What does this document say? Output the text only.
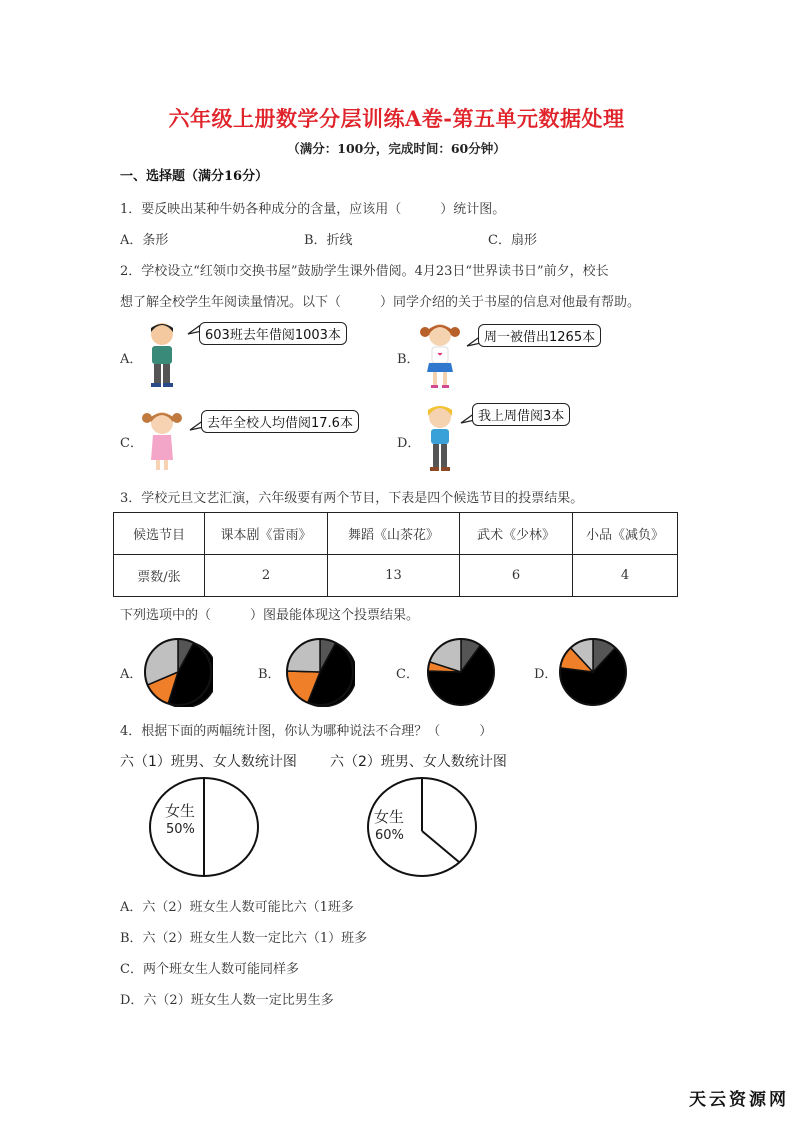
六年级上册数学分层训练A卷-第五单元数据处理
（满分：100分，完成时间：60分钟）
一、选择题（满分16分）
1．要反映出某种牛奶各种成分的含量，应该用（　　　）统计图。
A．条形	B．折线	C．扇形
2．学校设立“红领巾交换书屋”鼓励学生课外借阅。4月23日“世界读书日”前夕，校长
想了解全校学生年阅读量情况。以下（　　　）同学介绍的关于书屋的信息对他最有帮助。
A．
603班去年借阅1003本
B．
周一被借出1265本
C．
去年全校人均借阅17.6本
D．
我上周借阅3本
3．学校元旦文艺汇演，六年级要有两个节目，下表是四个候选节目的投票结果。
候选节目	课本剧《雷雨》	舞蹈《山茶花》	武术《少林》	小品《减负》
票数/张	2	13	6	4
下列选项中的（　　　）图最能体现这个投票结果。
A．	B．	C．	D．
4．根据下面的两幅统计图，你认为哪种说法不合理？（　　　）
六（1）班男、女人数统计图 六（2）班男、女人数统计图
女生
50%
女生
60%
A．六（2）班女生人数可能比六（1班多
B．六（2）班女生人数一定比六（1）班多
C．两个班女生人数可能同样多
D．六（2）班女生人数一定比男生多
天云资源网
